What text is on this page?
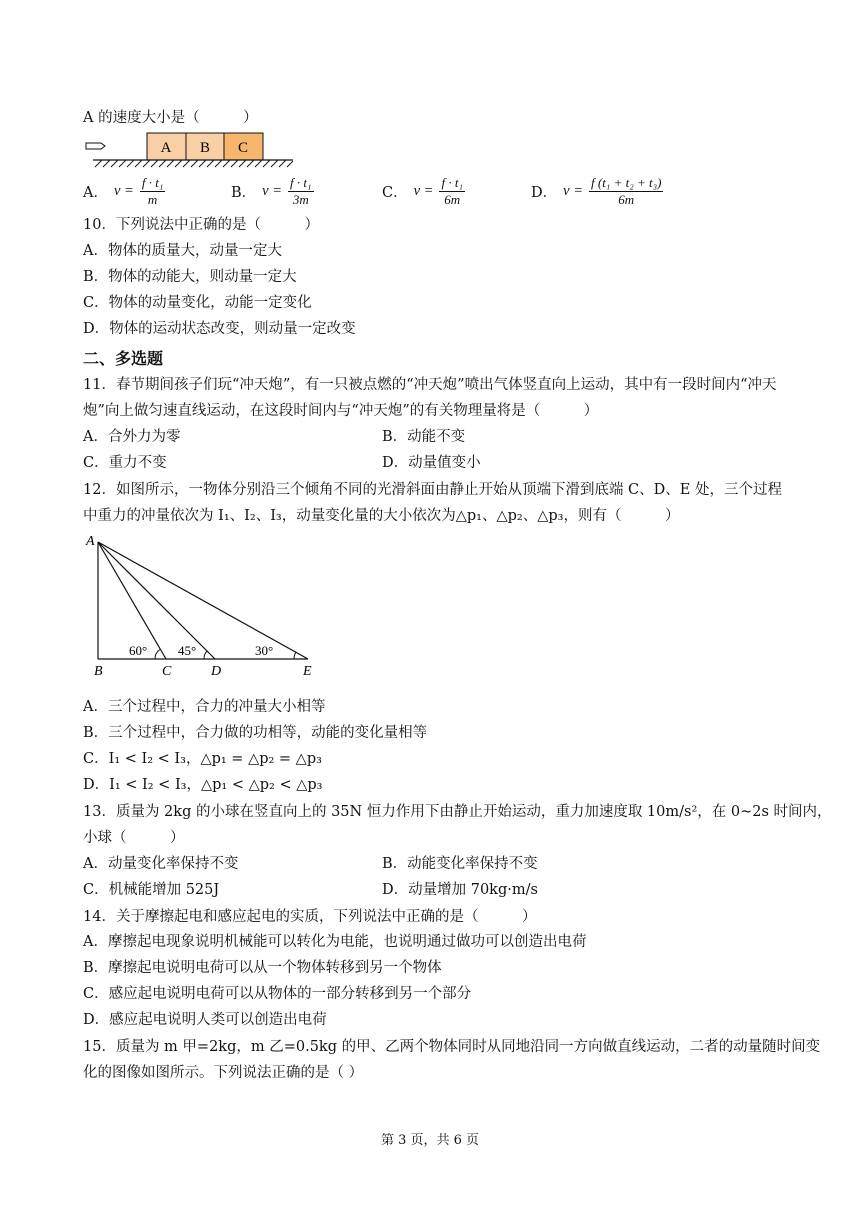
A 的速度大小是（　　　）
A B C
A． $v = \frac{\text{f · t₁}}{m}$	B． $v = \frac{\text{f · t₁}}{3m}$	C． $v = \frac{\text{f · t₁}}{6m}$	D． $v = \frac{\text{f (t₁ + t₂ + t₃)}}{6m}$
10．下列说法中正确的是（　　　）
A．物体的质量大，动量一定大
B．物体的动能大，则动量一定大
C．物体的动量变化，动能一定变化
D．物体的运动状态改变，则动量一定改变
二、多选题
11．春节期间孩子们玩“冲天炮”，有一只被点燃的“冲天炮”喷出气体竖直向上运动，其中有一段时间内“冲天
炮”向上做匀速直线运动，在这段时间内与“冲天炮”的有关物理量将是（　　　）
A．合外力为零	B．动能不变
C．重力不变	D．动量值变小
12．如图所示，一物体分别沿三个倾角不同的光滑斜面由静止开始从顶端下滑到底端 C、D、E 处，三个过程
中重力的冲量依次为 I₁、I₂、I₃，动量变化量的大小依次为△p₁、△p₂、△p₃，则有（　　　）
A
B	C	D	E
60° 45°	30°
A．三个过程中，合力的冲量大小相等
B．三个过程中，合力做的功相等，动能的变化量相等
C．I₁ < I₂ < I₃，△p₁ = △p₂ = △p₃
D．I₁ < I₂ < I₃，△p₁ < △p₂ < △p₃
13．质量为 2kg 的小球在竖直向上的 35N 恒力作用下由静止开始运动，重力加速度取 10m/s²，在 0~2s 时间内，
小球（　　　）
A．动量变化率保持不变	B．动能变化率保持不变
C．机械能增加 525J	D．动量增加 70kg·m/s
14．关于摩擦起电和感应起电的实质，下列说法中正确的是（　　　）
A．摩擦起电现象说明机械能可以转化为电能，也说明通过做功可以创造出电荷
B．摩擦起电说明电荷可以从一个物体转移到另一个物体
C．感应起电说明电荷可以从物体的一部分转移到另一个部分
D．感应起电说明人类可以创造出电荷
15．质量为 m 甲=2kg，m 乙=0.5kg 的甲、乙两个物体同时从同地沿同一方向做直线运动，二者的动量随时间变
化的图像如图所示。下列说法正确的是（ ）
第 3 页，共 6 页
